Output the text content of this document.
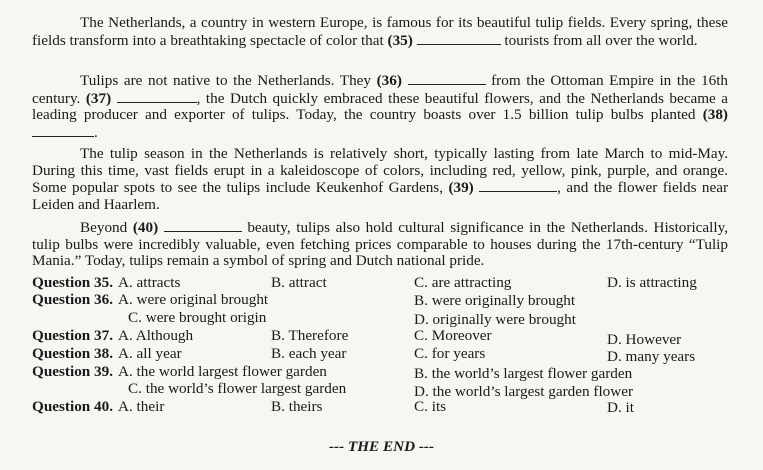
The Netherlands, a country in western Europe, is famous for its beautiful tulip fields. Every spring, these fields transform into a breathtaking spectacle of color that (35)	tourists from all over the world.

Tulips are not native to the Netherlands. They (36)	from the Ottoman Empire in the 16th century. (37)	, the Dutch quickly embraced these beautiful flowers, and the Netherlands became a leading producer and exporter of tulips. Today, the country boasts over 1.5 billion tulip bulbs planted (38) .

The tulip season in the Netherlands is relatively short, typically lasting from late March to mid-May. During this time, vast fields erupt in a kaleidoscope of colors, including red, yellow, pink, purple, and orange. Some popular spots to see the tulips include Keukenhof Gardens, (39)	, and the flower fields near Leiden and Haarlem.

Beyond (40)	beauty, tulips also hold cultural significance in the Netherlands. Historically, tulip bulbs were incredibly valuable, even fetching prices comparable to houses during the 17th-century “Tulip Mania.” Today, tulips remain a symbol of spring and Dutch national pride.

Question 35. A. attracts	B. attract	C. are attracting	D. is attracting
Question 36. A. were original brought	B. were originally brought
C. were brought origin	D. originally were brought
Question 37. A. Although	B. Therefore	C. Moreover	D. However
Question 38. A. all year	B. each year	C. for years	D. many years
Question 39. A. the world largest flower garden	B. the world’s largest flower garden
C. the world’s flower largest garden	D. the world’s largest garden flower
Question 40. A. their	B. theirs	C. its	D. it
--- THE END ---
